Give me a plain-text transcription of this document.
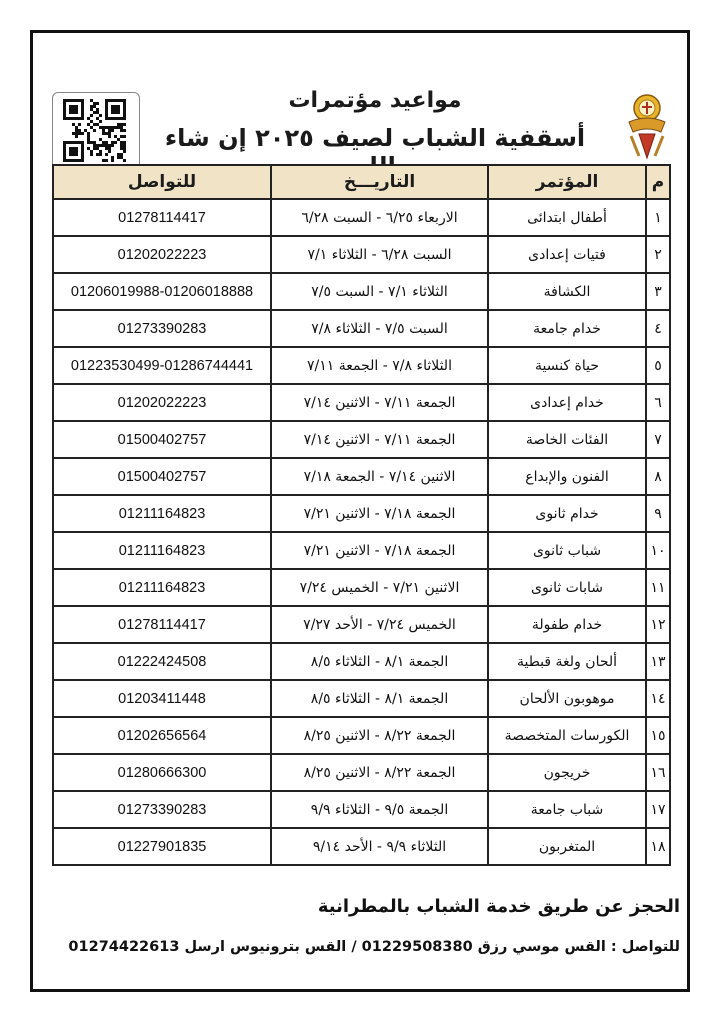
مواعيد مؤتمرات
أسقفية الشباب لصيف ٢٠٢٥ إن شاء
م
المؤتمر
التاريـــخ
للتواصل
١
أطفال ابتدائى
الاربعاء ٦/٢٥ - السبت ٦/٢٨
01278114417
٢
فتيات إعدادى
السبت ٦/٢٨ - الثلاثاء ٧/١
01202022223
٣
الكشافة
الثلاثاء ٧/١ - السبت ٧/٥
01206019988-01206018888
٤
خدام جامعة
السبت ٧/٥ - الثلاثاء ٧/٨
01273390283
٥
حياة كنسية
الثلاثاء ٧/٨ - الجمعة ٧/١١
01223530499-01286744441
٦
خدام إعدادى
الجمعة ٧/١١ - الاثنين ٧/١٤
01202022223
٧
الفئات الخاصة
الجمعة ٧/١١ - الاثنين ٧/١٤
01500402757
٨
الفنون والإبداع
الاثنين ٧/١٤ - الجمعة ٧/١٨
01500402757
٩
خدام ثانوى
الجمعة ٧/١٨ - الاثنين ٧/٢١
01211164823
١٠
شباب ثانوى
الجمعة ٧/١٨ - الاثنين ٧/٢١
01211164823
١١
شابات ثانوى
الاثنين ٧/٢١ - الخميس ٧/٢٤
01211164823
١٢
خدام طفولة
الخميس ٧/٢٤ - الأحد ٧/٢٧
01278114417
١٣
ألحان ولغة قبطية
الجمعة ٨/١ - الثلاثاء ٨/٥
01222424508
١٤
موهوبون الألحان
الجمعة ٨/١ - الثلاثاء ٨/٥
01203411448
١٥
الكورسات المتخصصة
الجمعة ٨/٢٢ - الاثنين ٨/٢٥
01202656564
١٦
خريجون
الجمعة ٨/٢٢ - الاثنين ٨/٢٥
01280666300
١٧
شباب جامعة
الجمعة ٩/٥ - الثلاثاء ٩/٩
01273390283
١٨
المتغربون
الثلاثاء ٩/٩ - الأحد ٩/١٤
01227901835
الحجز عن طريق خدمة الشباب بالمطرانية
للتواصل : القس موسي رزق 01229508380 / القس بترونيوس ارسل 01274422613
